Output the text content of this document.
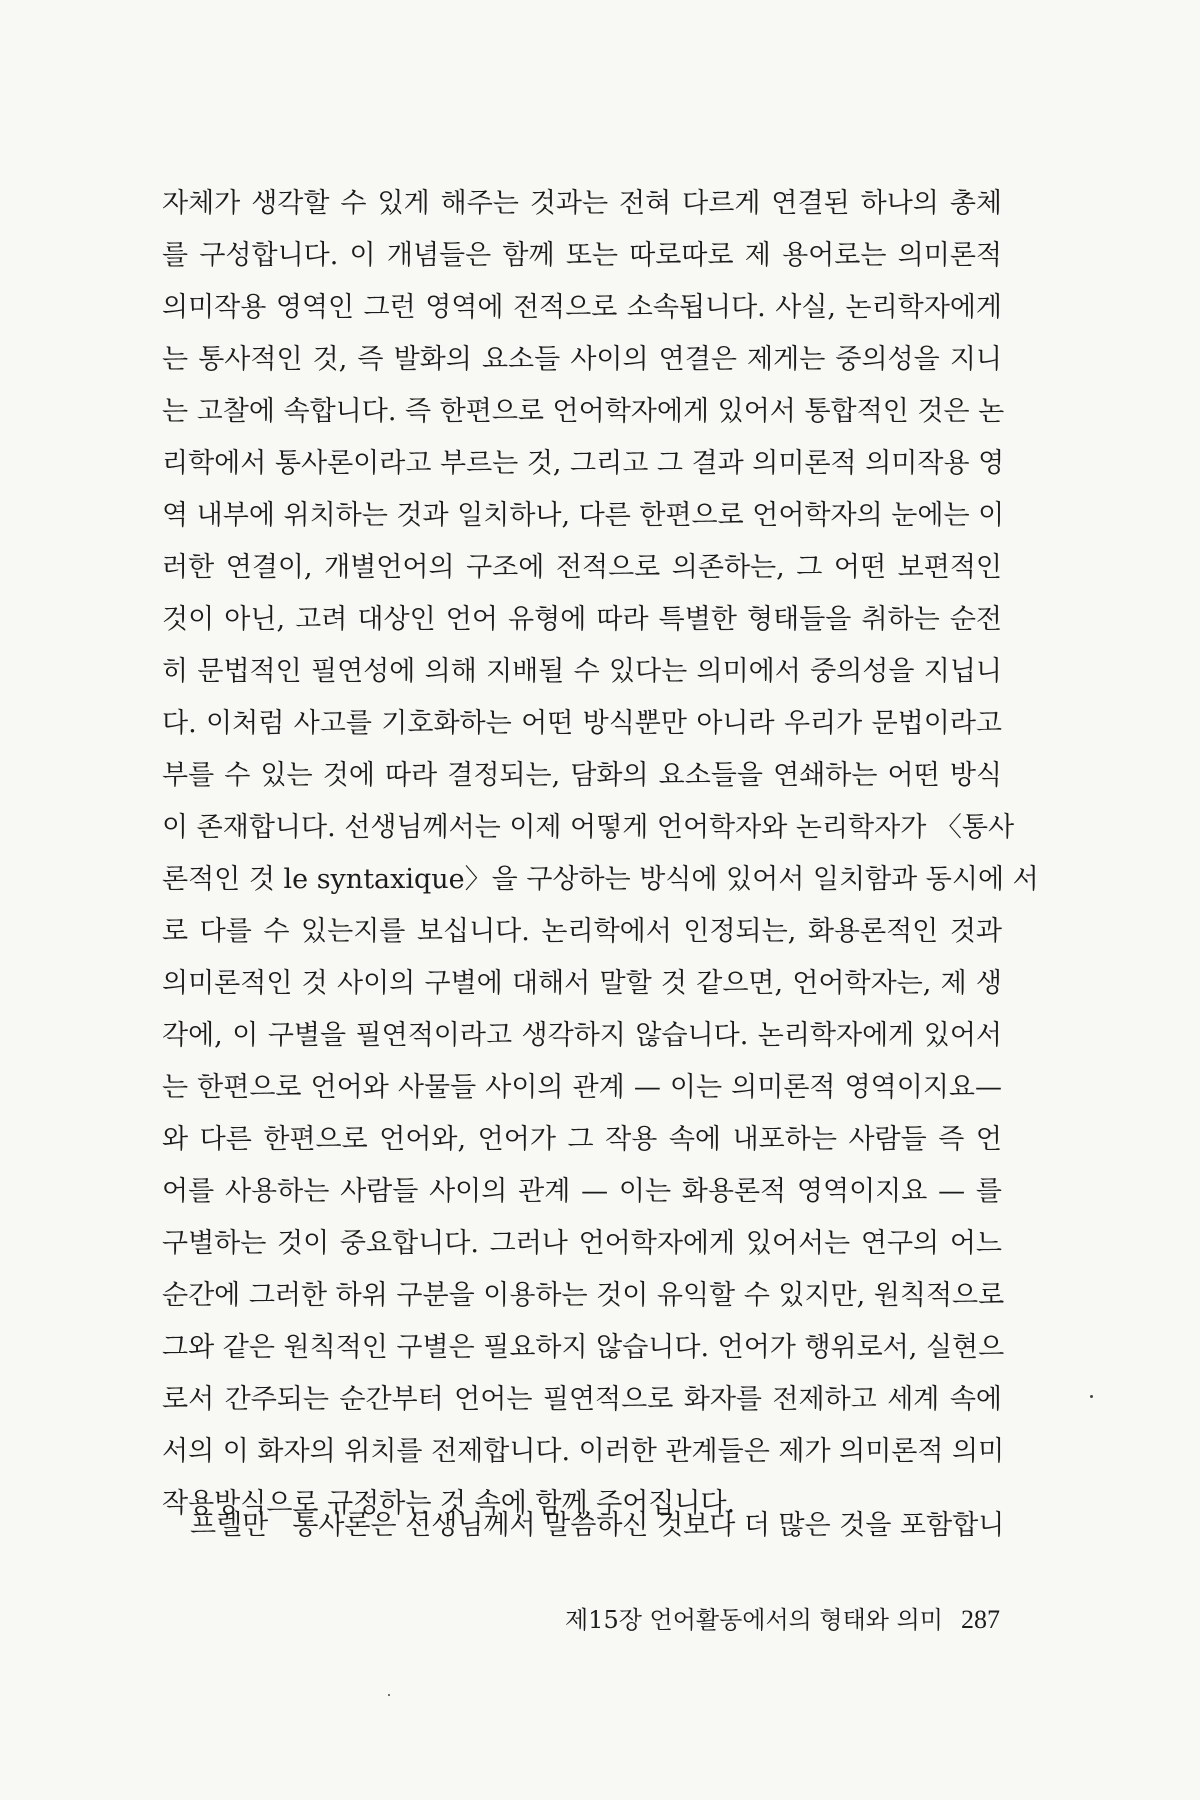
자체가 생각할 수 있게 해주는 것과는 전혀 다르게 연결된 하나의 총체
를 구성합니다. 이 개념들은 함께 또는 따로따로 제 용어로는 의미론적
의미작용 영역인 그런 영역에 전적으로 소속됩니다. 사실, 논리학자에게
는 통사적인 것, 즉 발화의 요소들 사이의 연결은 제게는 중의성을 지니
는 고찰에 속합니다. 즉 한편으로 언어학자에게 있어서 통합적인 것은 논
리학에서 통사론이라고 부르는 것, 그리고 그 결과 의미론적 의미작용 영
역 내부에 위치하는 것과 일치하나, 다른 한편으로 언어학자의 눈에는 이
러한 연결이, 개별언어의 구조에 전적으로 의존하는, 그 어떤 보편적인
것이 아닌, 고려 대상인 언어 유형에 따라 특별한 형태들을 취하는 순전
히 문법적인 필연성에 의해 지배될 수 있다는 의미에서 중의성을 지닙니
다. 이처럼 사고를 기호화하는 어떤 방식뿐만 아니라 우리가 문법이라고
부를 수 있는 것에 따라 결정되는, 담화의 요소들을 연쇄하는 어떤 방식
이 존재합니다. 선생님께서는 이제 어떻게 언어학자와 논리학자가 〈통사
론적인 것 le syntaxique〉을 구상하는 방식에 있어서 일치함과 동시에 서
로 다를 수 있는지를 보십니다. 논리학에서 인정되는, 화용론적인 것과
의미론적인 것 사이의 구별에 대해서 말할 것 같으면, 언어학자는, 제 생
각에, 이 구별을 필연적이라고 생각하지 않습니다. 논리학자에게 있어서
는 한편으로 언어와 사물들 사이의 관계 — 이는 의미론적 영역이지요—
와 다른 한편으로 언어와, 언어가 그 작용 속에 내포하는 사람들 즉 언
어를 사용하는 사람들 사이의 관계 — 이는 화용론적 영역이지요 — 를
구별하는 것이 중요합니다. 그러나 언어학자에게 있어서는 연구의 어느
순간에 그러한 하위 구분을 이용하는 것이 유익할 수 있지만, 원칙적으로
그와 같은 원칙적인 구별은 필요하지 않습니다. 언어가 행위로서, 실현으
로서 간주되는 순간부터 언어는 필연적으로 화자를 전제하고 세계 속에
서의 이 화자의 위치를 전제합니다. 이러한 관계들은 제가 의미론적 의미
작용방식으로 규정하는 것 속에 함께 주어집니다.
프렐만 통사론은 선생님께서 말씀하신 것보다 더 많은 것을 포함합니
제15장 언어활동에서의 형태와 의미 287
